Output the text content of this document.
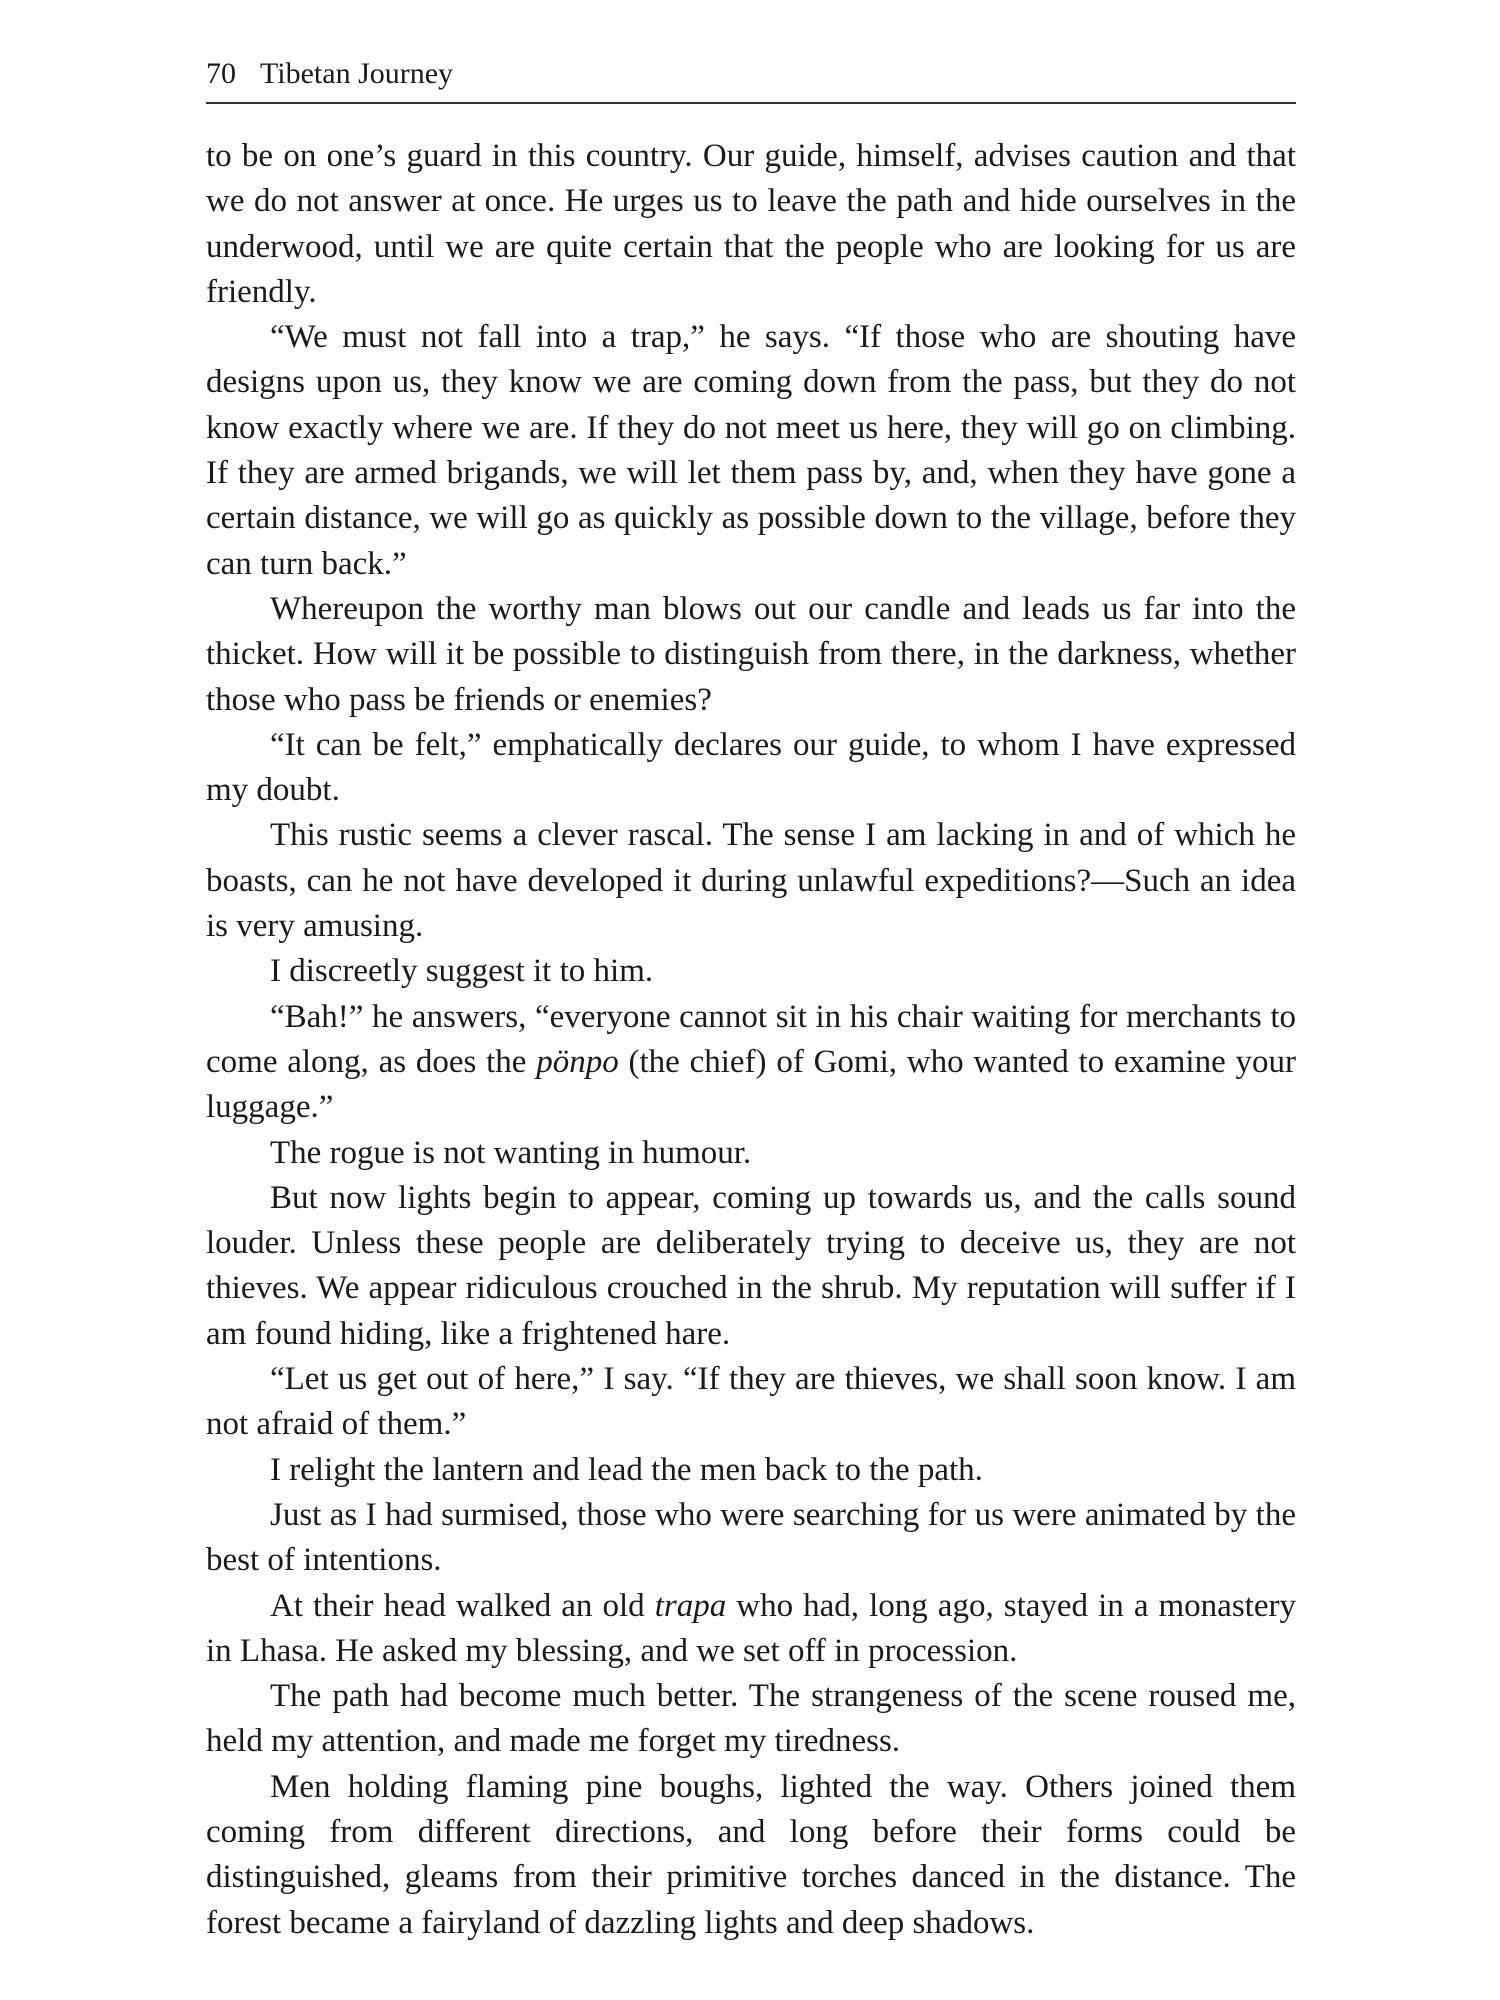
70 Tibetan Journey

to be on one’s guard in this country. Our guide, himself, advises caution and that we do not answer at once. He urges us to leave the path and hide ourselves in the underwood, until we are quite certain that the people who are looking for us are friendly.

“We must not fall into a trap,” he says. “If those who are shouting have designs upon us, they know we are coming down from the pass, but they do not know exactly where we are. If they do not meet us here, they will go on climbing. If they are armed brigands, we will let them pass by, and, when they have gone a certain distance, we will go as quickly as possible down to the village, before they can turn back.”

Whereupon the worthy man blows out our candle and leads us far into the thicket. How will it be possible to distinguish from there, in the darkness, whether those who pass be friends or enemies?

“It can be felt,” emphatically declares our guide, to whom I have expressed my doubt.

This rustic seems a clever rascal. The sense I am lacking in and of which he boasts, can he not have developed it during unlawful expeditions?—Such an idea is very amusing.

I discreetly suggest it to him.

“Bah!” he answers, “everyone cannot sit in his chair waiting for merchants to come along, as does the pönpo (the chief) of Gomi, who wanted to examine your luggage.”

The rogue is not wanting in humour.

But now lights begin to appear, coming up towards us, and the calls sound louder. Unless these people are deliberately trying to deceive us, they are not thieves. We appear ridiculous crouched in the shrub. My reputation will suffer if I am found hiding, like a frightened hare.

“Let us get out of here,” I say. “If they are thieves, we shall soon know. I am not afraid of them.”

I relight the lantern and lead the men back to the path.

Just as I had surmised, those who were searching for us were animated by the best of intentions.

At their head walked an old trapa who had, long ago, stayed in a monastery in Lhasa. He asked my blessing, and we set off in procession.

The path had become much better. The strangeness of the scene roused me, held my attention, and made me forget my tiredness.

Men holding flaming pine boughs, lighted the way. Others joined them coming from different directions, and long before their forms could be distinguished, gleams from their primitive torches danced in the distance. The forest became a fairyland of dazzling lights and deep shadows.
